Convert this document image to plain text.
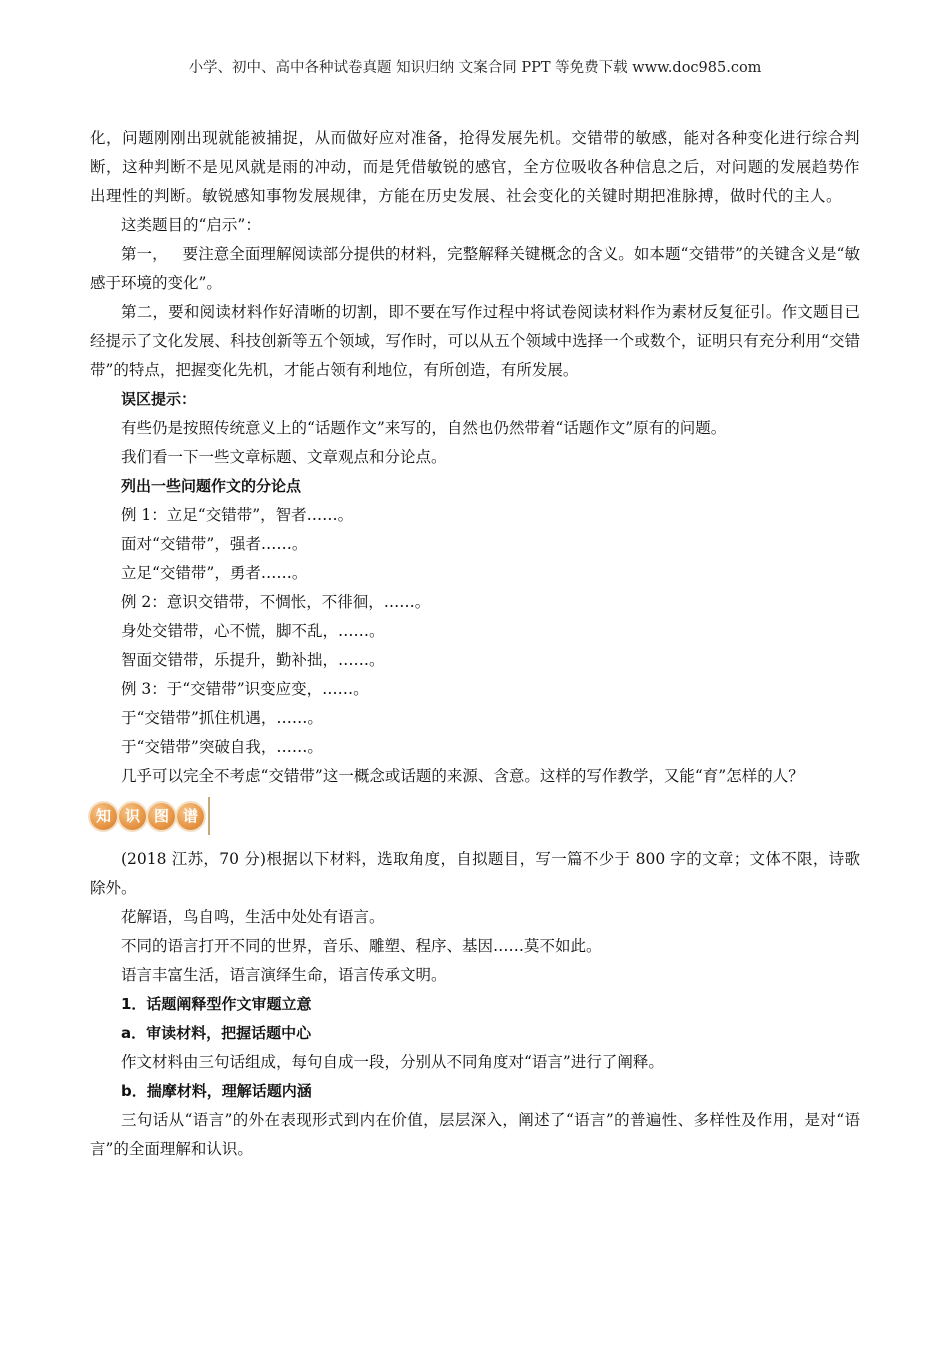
小学、初中、高中各种试卷真题 知识归纳 文案合同 PPT 等免费下载 www.doc985.com

化，问题刚刚出现就能被捕捉，从而做好应对准备，抢得发展先机。交错带的敏感，能对各种变化进行综合判断，这种判断不是见风就是雨的冲动，而是凭借敏锐的感官，全方位吸收各种信息之后，对问题的发展趋势作出理性的判断。敏锐感知事物发展规律，方能在历史发展、社会变化的关键时期把准脉搏，做时代的主人。

这类题目的“启示”：

第一，   要注意全面理解阅读部分提供的材料，完整解释关键概念的含义。如本题“交错带”的关键含义是“敏感于环境的变化”。

第二，要和阅读材料作好清晰的切割，即不要在写作过程中将试卷阅读材料作为素材反复征引。作文题目已经提示了文化发展、科技创新等五个领域，写作时，可以从五个领域中选择一个或数个，证明只有充分利用“交错带”的特点，把握变化先机，才能占领有利地位，有所创造，有所发展。

误区提示：

有些仍是按照传统意义上的“话题作文”来写的，自然也仍然带着“话题作文”原有的问题。

我们看一下一些文章标题、文章观点和分论点。

列出一些问题作文的分论点

例 1：立足“交错带”，智者……。

面对“交错带”，强者……。

立足“交错带”，勇者……。

例 2：意识交错带，不惆怅，不徘徊，……。

身处交错带，心不慌，脚不乱，……。

智面交错带，乐提升，勤补拙，……。

例 3：于“交错带”识变应变，……。

于“交错带”抓住机遇，……。

于“交错带”突破自我，……。

几乎可以完全不考虑“交错带”这一概念或话题的来源、含意。这样的写作教学，又能“育”怎样的人？

知 识 图 谱

(2018 江苏，70 分)根据以下材料，选取角度，自拟题目，写一篇不少于 800 字的文章；文体不限，诗歌除外。

花解语，鸟自鸣，生活中处处有语言。

不同的语言打开不同的世界，音乐、雕塑、程序、基因……莫不如此。

语言丰富生活，语言演绎生命，语言传承文明。

1．话题阐释型作文审题立意

a．审读材料，把握话题中心

作文材料由三句话组成，每句自成一段，分别从不同角度对“语言”进行了阐释。

b．揣摩材料，理解话题内涵

三句话从“语言”的外在表现形式到内在价值，层层深入，阐述了“语言”的普遍性、多样性及作用，是对“语言”的全面理解和认识。
